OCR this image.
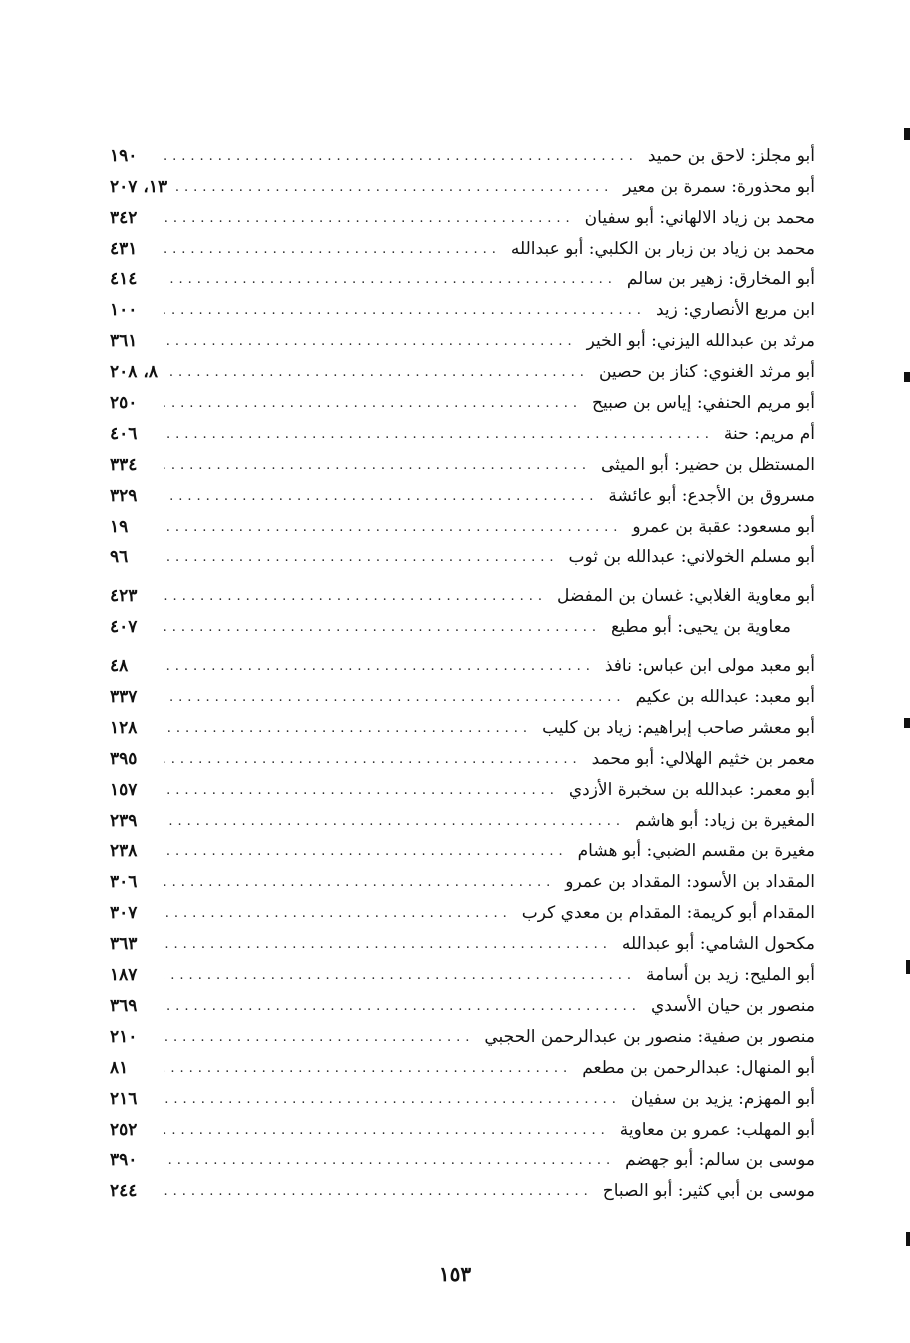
أبو مجلز: لاحق بن حميد
.....
١٩٠
أبو محذورة: سمرة بن معير
.....
١٣، ٢٠٧
محمد بن زياد الالهاني: أبو سفيان
.....
٣٤٢
محمد بن زياد بن زبار بن الكلبي: أبو عبدالله
.....
٤٣١
أبو المخارق: زهير بن سالم
.....
٤١٤
ابن مربع الأنصاري: زيد
.....
١٠٠
مرثد بن عبدالله اليزني: أبو الخير
.....
٣٦١
أبو مرثد الغنوي: كناز بن حصين
.....
٨، ٢٠٨
أبو مريم الحنفي: إياس بن صبيح
.....
٢٥٠
أم مريم: حنة
.....
٤٠٦
المستظل بن حضير: أبو الميثى
.....
٣٣٤
مسروق بن الأجدع: أبو عائشة
.....
٣٢٩
أبو مسعود: عقبة بن عمرو
.....
١٩
أبو مسلم الخولاني: عبدالله بن ثوب
.....
٩٦
أبو معاوية الغلابي: غسان بن المفضل
.....
٤٢٣
معاوية بن يحيى: أبو مطيع
.....
٤٠٧
أبو معبد مولى ابن عباس: نافذ
.....
٤٨
أبو معبد: عبدالله بن عكيم
.....
٣٣٧
أبو معشر صاحب إبراهيم: زياد بن كليب
.....
١٢٨
معمر بن خثيم الهلالي: أبو محمد
.....
٣٩٥
أبو معمر: عبدالله بن سخبرة الأزدي
.....
١٥٧
المغيرة بن زياد: أبو هاشم
.....
٢٣٩
مغيرة بن مقسم الضبي: أبو هشام
.....
٢٣٨
المقداد بن الأسود: المقداد بن عمرو
.....
٣٠٦
المقدام أبو كريمة: المقدام بن معدي كرب
.....
٣٠٧
مكحول الشامي: أبو عبدالله
.....
٣٦٣
أبو المليح: زيد بن أسامة
.....
١٨٧
منصور بن حيان الأسدي
.....
٣٦٩
منصور بن صفية: منصور بن عبدالرحمن الحجبي
.....
٢١٠
أبو المنهال: عبدالرحمن بن مطعم
.....
٨١
أبو المهزم: يزيد بن سفيان
.....
٢١٦
أبو المهلب: عمرو بن معاوية
.....
٢٥٢
موسى بن سالم: أبو جهضم
.....
٣٩٠
موسى بن أبي كثير: أبو الصباح
.....
٢٤٤
١٥٣
